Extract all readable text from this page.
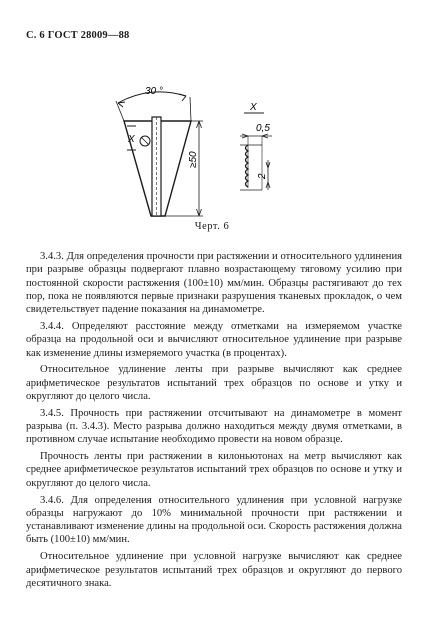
С. 6 ГОСТ 28009—88
30 °
X
≥50
X
0,5
2
Черт. 6

3.4.3. Для определения прочности при растяжении и относительного удлинения при разрыве образцы подвергают плавно возрастающему тяговому усилию при постоянной скорости растяжения (100±10) мм/мин. Образцы растягивают до тех пор, пока не появляются первые признаки разрушения тканевых прокладок, о чем свидетельствует падение показания на динамометре.

3.4.4. Определяют расстояние между отметками на измеряемом участке образца на продольной оси и вычисляют относительное удлинение при разрыве как изменение длины измеряемого участка (в процентах).

Относительное удлинение ленты при разрыве вычисляют как среднее арифметическое результатов испытаний трех образцов по основе и утку и округляют до целого числа.

3.4.5. Прочность при растяжении отсчитывают на динамометре в момент разрыва (п. 3.4.3). Место разрыва должно находиться между двумя отметками, в противном случае испытание необходимо провести на новом образце.

Прочность ленты при растяжении в килоньютонах на метр вычисляют как среднее арифметическое результатов испытаний трех образцов по основе и утку и округляют до целого числа.

3.4.6. Для определения относительного удлинения при условной нагрузке образцы нагружают до 10% минимальной прочности при растяжении и устанавливают изменение длины на продольной оси. Скорость растяжения должна быть (100±10) мм/мин.

Относительное удлинение при условной нагрузке вычисляют как среднее арифметическое результатов испытаний трех образцов и округляют до первого десятичного знака.
